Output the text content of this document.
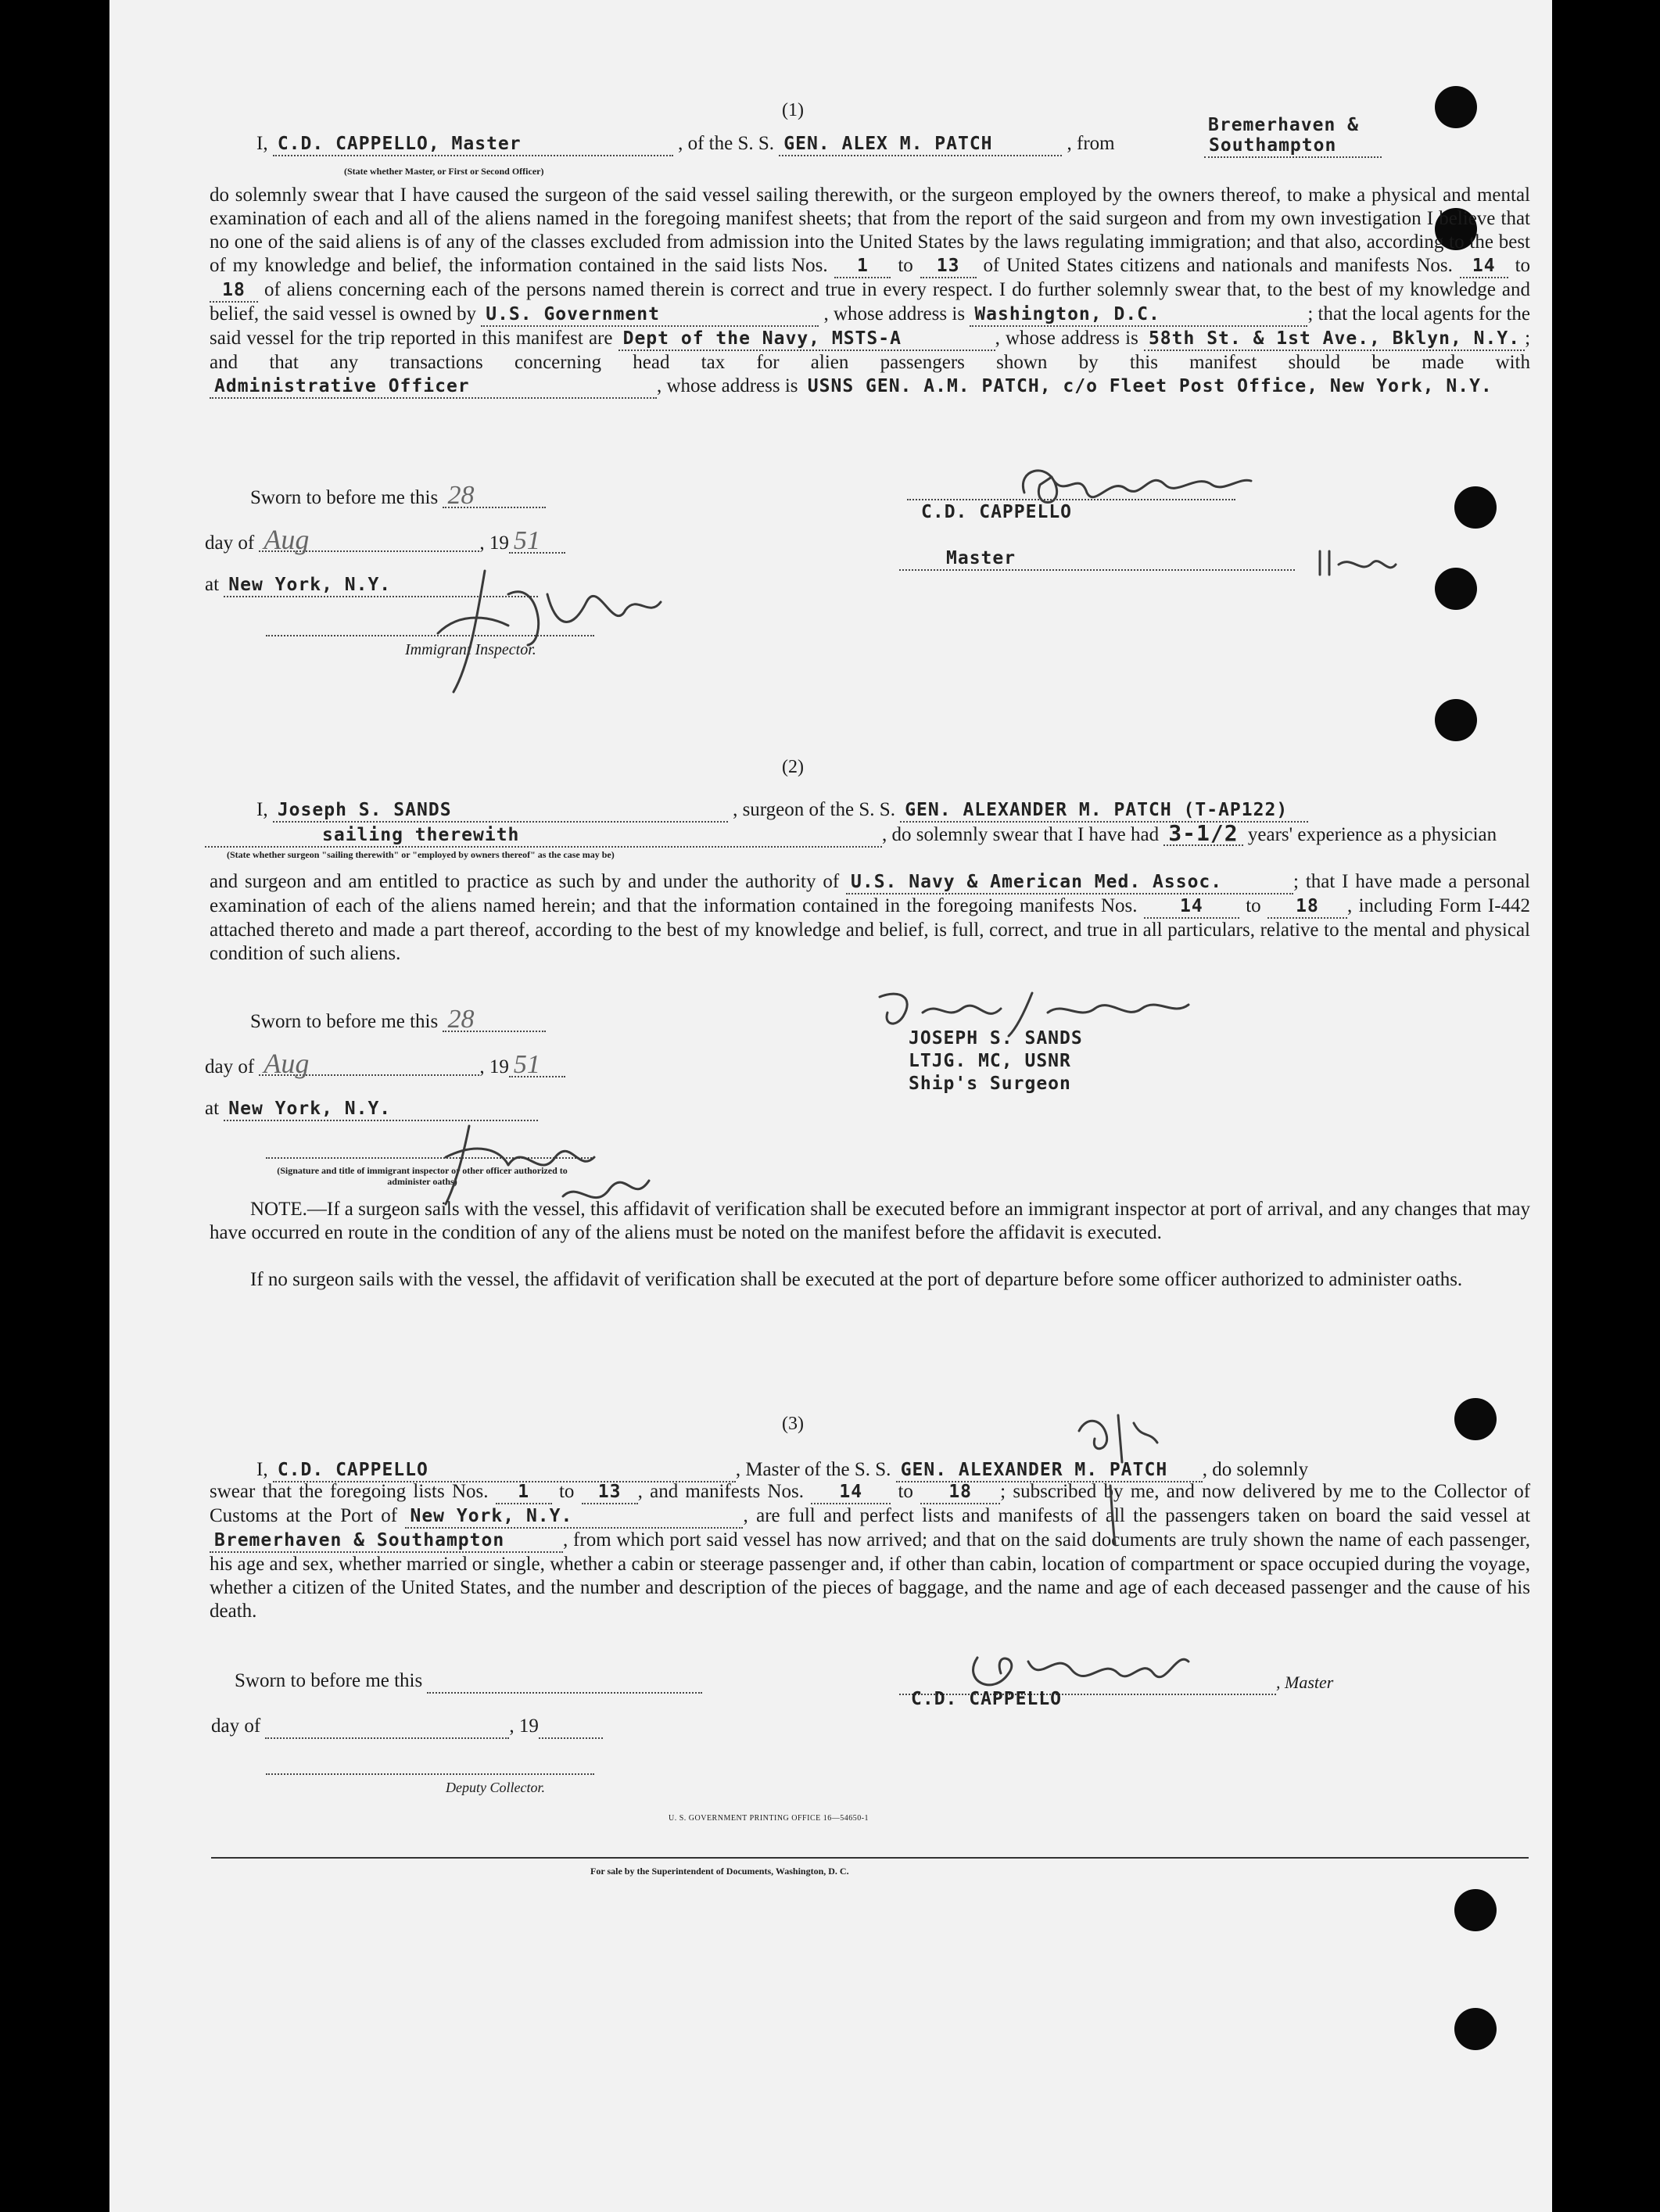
(1)
I, C.D. CAPPELLO, Master	, of the S. S. GEN. ALEX M. PATCH	, from
Bremerhaven &
Southampton
(State whether Master, or First or Second Officer)

do solemnly swear that I have caused the surgeon of the said vessel sailing therewith, or the surgeon employed by the owners thereof, to make a physical and mental examination of each and all of the aliens named in the foregoing manifest sheets; that from the report of the said surgeon and from my own investigation I believe that no one of the said aliens is of any of the classes excluded from admission into the United States by the laws regulating immigration; and that also, according to the best of my knowledge and belief, the information contained in the said lists Nos. 1 to 13 of United States citizens and nationals and manifests Nos. 14 to 18 of aliens concerning each of the persons named therein is correct and true in every respect. I do further solemnly swear that, to the best of my knowledge and belief, the said vessel is owned by U.S. Government	, whose address is Washington, D.C.	; that the local agents for the said vessel for the trip reported in this manifest are Dept of the Navy, MSTS-A	, whose address is 58th St. & 1st Ave., Bklyn, N.Y. ; and that any transactions concerning head tax for alien passengers shown by this manifest should be made with Administrative Officer	, whose address is USNS GEN. A.M. PATCH, c/o Fleet Post Office, New York, N.Y.

Sworn to before me this 28
day of Aug	, 19 51
at New York, N.Y.
Immigrant Inspector.
C.D. CAPPELLO
Master
(2)
I, Joseph S. SANDS	, surgeon of the S. S. GEN. ALEXANDER M. PATCH (T-AP122)
sailing therewith	, do solemnly swear that I have had 3-1/2 years' experience as a physician
(State whether surgeon "sailing therewith" or "employed by owners thereof" as the case may be)

and surgeon and am entitled to practice as such by and under the authority of U.S. Navy & American Med. Assoc.	; that I have made a personal examination of each of the aliens named herein; and that the information contained in the foregoing manifests Nos. 14 to 18 , including Form I-442 attached thereto and made a part thereof, according to the best of my knowledge and belief, is full, correct, and true in all particulars, relative to the mental and physical condition of such aliens.

Sworn to before me this 28
day of Aug	, 19 51
at New York, N.Y.
(Signature and title of immigrant inspector or other officer authorized to administer oaths)
JOSEPH S. SANDS
LTJG. MC, USNR
Ship's Surgeon

NOTE.—If a surgeon sails with the vessel, this affidavit of verification shall be executed before an immigrant inspector at port of arrival, and any changes that may have occurred en route in the condition of any of the aliens must be noted on the manifest before the affidavit is executed.

If no surgeon sails with the vessel, the affidavit of verification shall be executed at the port of departure before some officer authorized to administer oaths.

(3)
I, C.D. CAPPELLO	, Master of the S. S. GEN. ALEXANDER M. PATCH , do solemnly

swear that the foregoing lists Nos. 1 to 13 , and manifests Nos. 14 to 18 ; subscribed by me, and now delivered by me to the Collector of Customs at the Port of New York, N.Y.	, are full and perfect lists and manifests of all the passengers taken on board the said vessel at Bremerhaven & Southampton	, from which port said vessel has now arrived; and that on the said documents are truly shown the name of each passenger, his age and sex, whether married or single, whether a cabin or steerage passenger and, if other than cabin, location of compartment or space occupied during the voyage, whether a citizen of the United States, and the number and description of the pieces of baggage, and the name and age of each deceased passenger and the cause of his death.

Sworn to before me this
day of	, 19
Deputy Collector.
, Master
C.D. CAPPELLO
U. S. GOVERNMENT PRINTING OFFICE 16—54650-1
For sale by the Superintendent of Documents, Washington, D. C.
